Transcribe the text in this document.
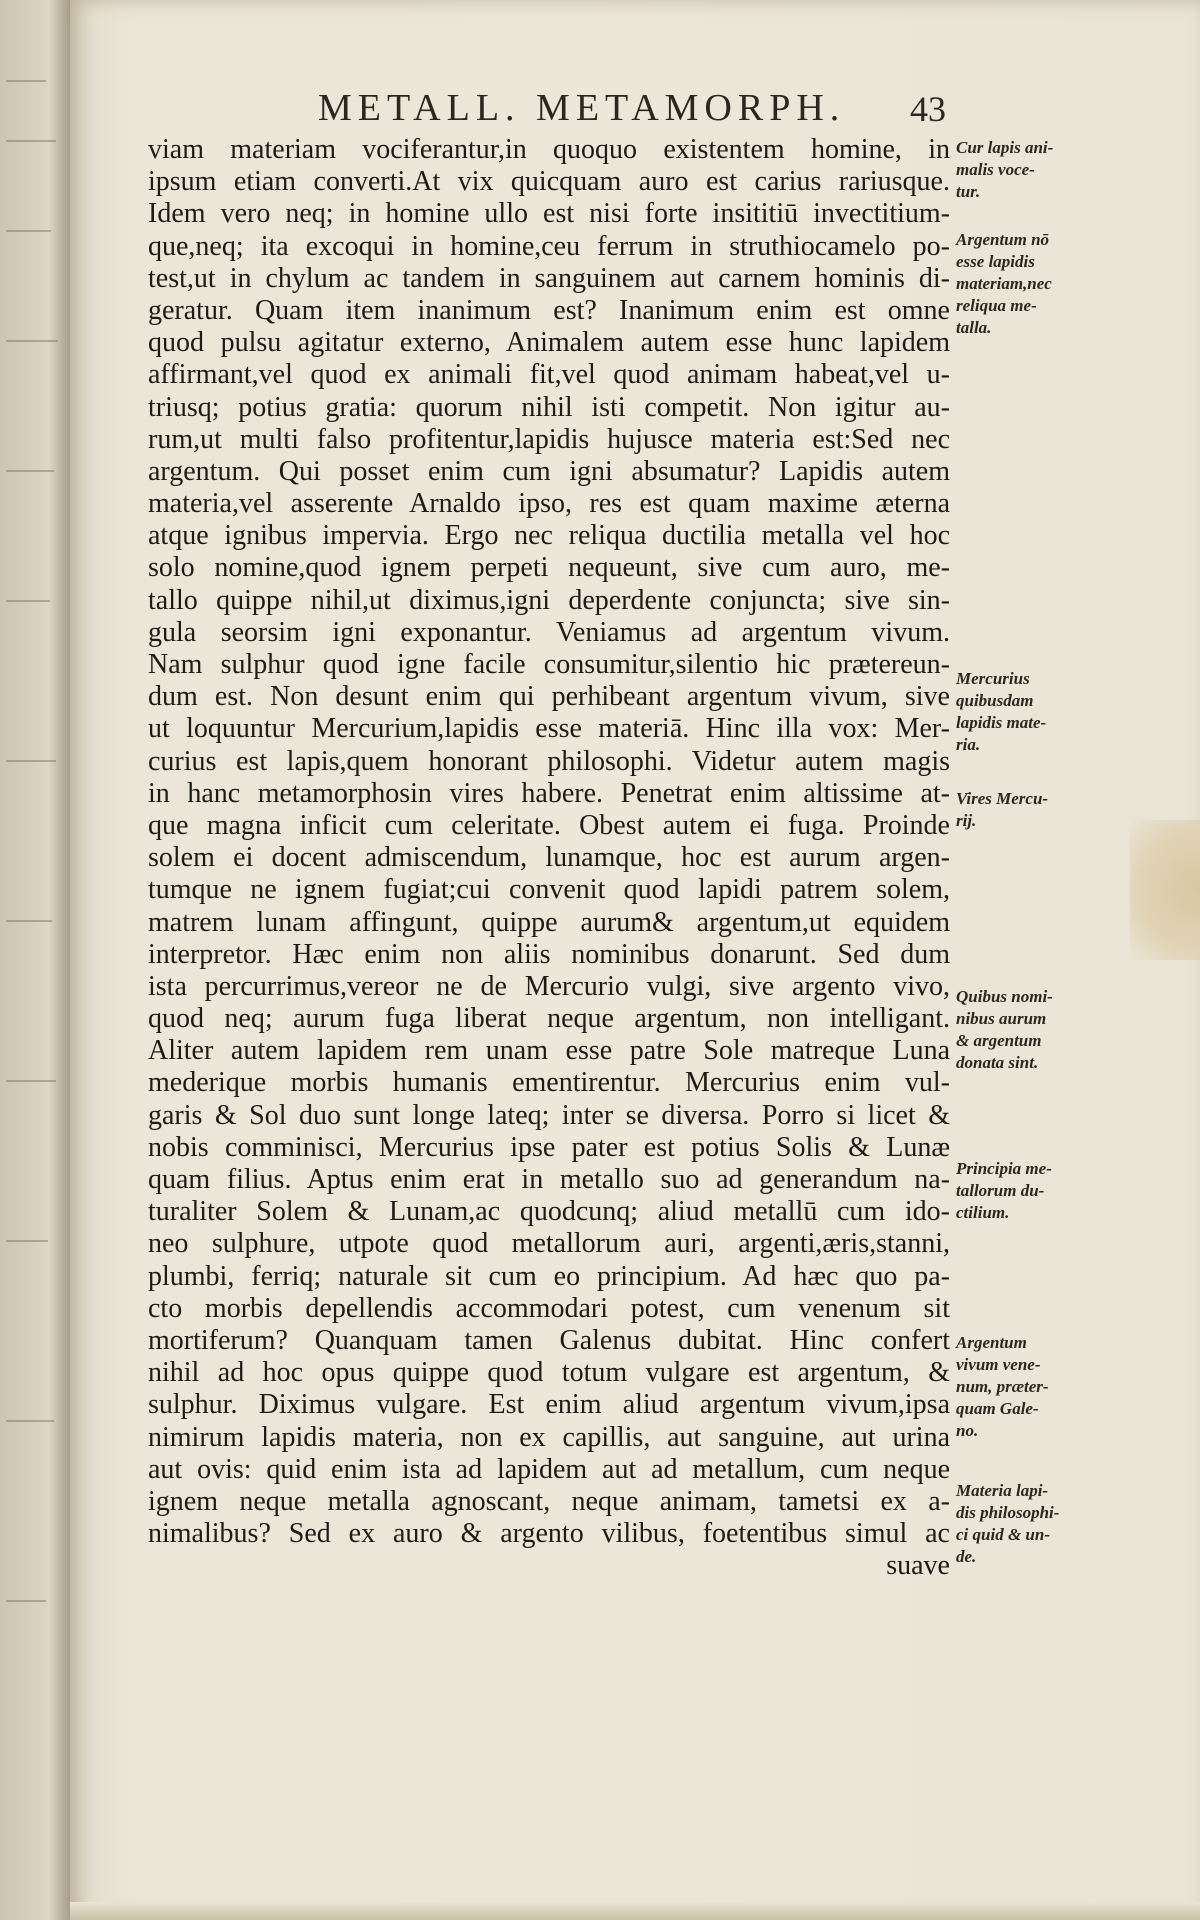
METALL. METAMORPH.	43
viam materiam vociferantur,in quoquo existentem homine, in
ipsum etiam converti.At vix quicquam auro est carius rariusque.
Idem vero neq; in homine ullo est nisi forte insititiū invectitium-
que,neq; ita excoqui in homine,ceu ferrum in struthiocamelo po-
test,ut in chylum ac tandem in sanguinem aut carnem hominis di-
geratur. Quam item inanimum est? Inanimum enim est omne
quod pulsu agitatur externo, Animalem autem esse hunc lapidem
affirmant,vel quod ex animali fit,vel quod animam habeat,vel u-
triusq; potius gratia: quorum nihil isti competit. Non igitur au-
rum,ut multi falso profitentur,lapidis hujusce materia est:Sed nec
argentum. Qui posset enim cum igni absumatur? Lapidis autem
materia,vel asserente Arnaldo ipso, res est quam maxime æterna
atque ignibus impervia. Ergo nec reliqua ductilia metalla vel hoc
solo nomine,quod ignem perpeti nequeunt, sive cum auro, me-
tallo quippe nihil,ut diximus,igni deperdente conjuncta; sive sin-
gula seorsim igni exponantur. Veniamus ad argentum vivum.
Nam sulphur quod igne facile consumitur,silentio hic prætereun-
dum est. Non desunt enim qui perhibeant argentum vivum, sive
ut loquuntur Mercurium,lapidis esse materiā. Hinc illa vox: Mer-
curius est lapis,quem honorant philosophi. Videtur autem magis
in hanc metamorphosin vires habere. Penetrat enim altissime at-
que magna inficit cum celeritate. Obest autem ei fuga. Proinde
solem ei docent admiscendum, lunamque, hoc est aurum argen-
tumque ne ignem fugiat;cui convenit quod lapidi patrem solem,
matrem lunam affingunt, quippe aurum& argentum,ut equidem
interpretor. Hæc enim non aliis nominibus donarunt. Sed dum
ista percurrimus,vereor ne de Mercurio vulgi, sive argento vivo,
quod neq; aurum fuga liberat neque argentum, non intelligant.
Aliter autem lapidem rem unam esse patre Sole matreque Luna
mederique morbis humanis ementirentur. Mercurius enim vul-
garis & Sol duo sunt longe lateq; inter se diversa. Porro si licet &
nobis comminisci, Mercurius ipse pater est potius Solis & Lunæ
quam filius. Aptus enim erat in metallo suo ad generandum na-
turaliter Solem & Lunam,ac quodcunq; aliud metallū cum ido-
neo sulphure, utpote quod metallorum auri, argenti,æris,stanni,
plumbi, ferriq; naturale sit cum eo principium. Ad hæc quo pa-
cto morbis depellendis accommodari potest, cum venenum sit
mortiferum? Quanquam tamen Galenus dubitat. Hinc confert
nihil ad hoc opus quippe quod totum vulgare est argentum, &
sulphur. Diximus vulgare. Est enim aliud argentum vivum,ipsa
nimirum lapidis materia, non ex capillis, aut sanguine, aut urina
aut ovis: quid enim ista ad lapidem aut ad metallum, cum neque
ignem neque metalla agnoscant, neque animam, tametsi ex a-
nimalibus? Sed ex auro & argento vilibus, foetentibus simul ac
suave
Cur lapis ani-
malis voce-
tur.
Argentum nō
esse lapidis
materiam,nec
reliqua me-
talla.
Mercurius
quibusdam
lapidis mate-
ria.
Vires Mercu-
rij.
Quibus nomi-
nibus aurum
& argentum
donata sint.
Principia me-
tallorum du-
ctilium.
Argentum
vivum vene-
num, præter-
quam Gale-
no.
Materia lapi-
dis philosophi-
ci quid & un-
de.
